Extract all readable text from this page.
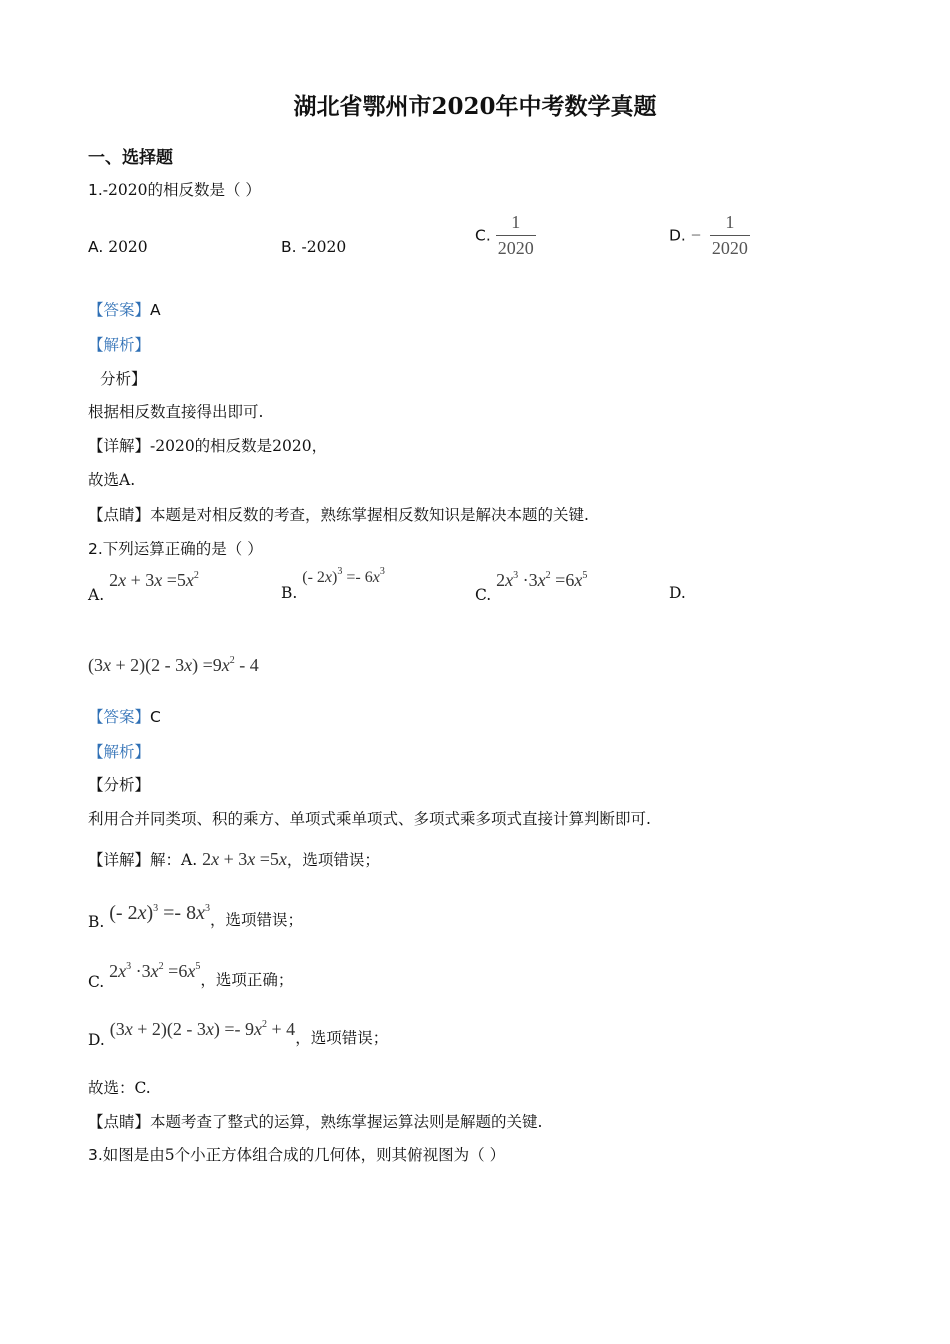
湖北省鄂州市2020年中考数学真题
一、选择题
1.-2020的相反数是（ ）
A. 2020	B. -2020
C. $\frac{1}{2020}$	D. − $\frac{1}{2020}$
【答案】A
【解析】
分析】
根据相反数直接得出即可.
【详解】-2020的相反数是2020，
故选A.
【点睛】本题是对相反数的考查，熟练掌握相反数知识是解决本题的关键.
2.下列运算正确的是（ ）
A. $2x + 3x =5x^2$
B. (- $2x)^3 =- 6x^3$
C. $2x^3 \cdot 3x^2 =6x^5$
D.
$(3x + 2)(2 - 3x) =9x^2 - 4$
【答案】C
【解析】
【分析】
利用合并同类项、积的乘方、单项式乘单项式、多项式乘多项式直接计算判断即可.
【详解】解：A. 2x + 3x =5x，选项错误；
B. (- $2x)^3 =- 8x^3$，选项错误；
C. $2x^3 \cdot 3x^2 =6x^5$，选项正确；
D. $(3x + 2)(2 - 3x) =- 9x^2 + 4$，选项错误；
故选：C.
【点睛】本题考查了整式的运算，熟练掌握运算法则是解题的关键.
3.如图是由5个小正方体组合成的几何体，则其俯视图为（ ）
